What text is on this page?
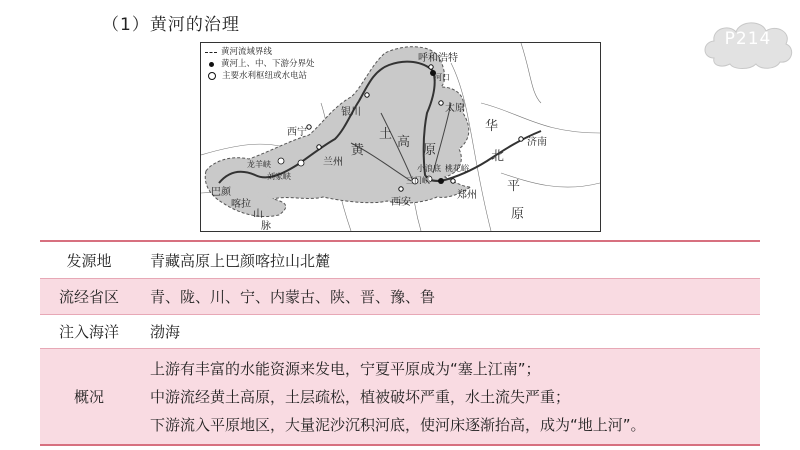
（1）黄河的治理
P214
黄河流域界线
黄河上、中、下游分界处
主要水利枢纽或水电站
呼和浩特
河口
银川	太原
西宁
兰州
济南
西安
郑州
黄
土
高
原
华
北
平
原
龙羊峡
刘家峡
小浪底 桃花峪
三门峡
巴颜
喀拉
山
脉
发源地	青藏高原上巴颜喀拉山北麓
流经省区	青、陇、川、宁、内蒙古、陕、晋、豫、鲁
注入海洋	渤海
概况	上游有丰富的水能资源来发电，宁夏平原成为“塞上江南”；
中游流经黄土高原，土层疏松，植被破坏严重，水土流失严重；
下游流入平原地区，大量泥沙沉积河底，使河床逐渐抬高，成为“地上河”。
